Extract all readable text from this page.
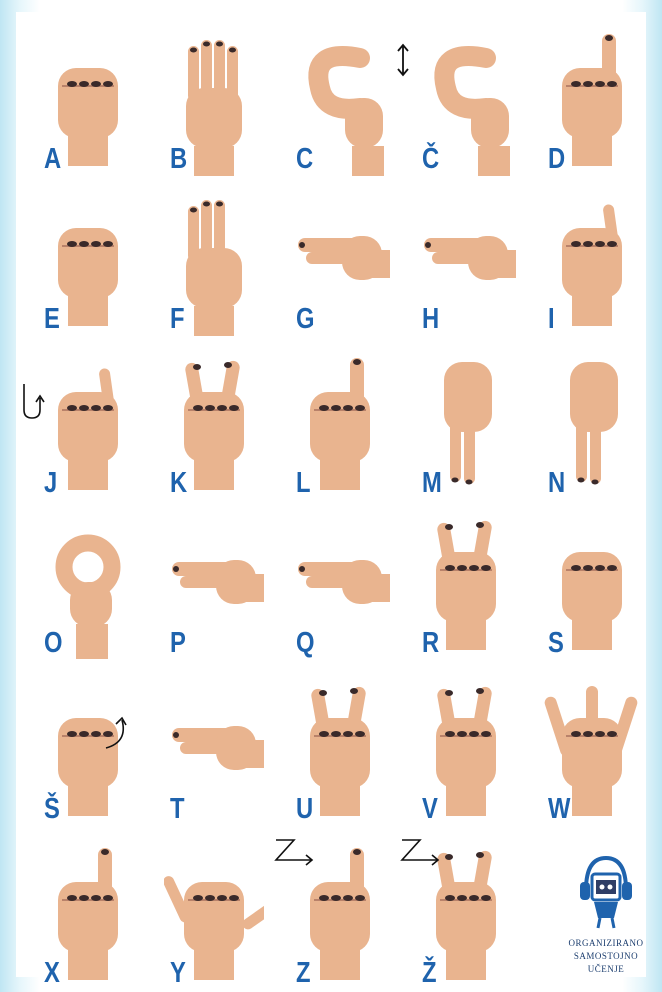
A	B	C	Č	D
E	F	G	H	I
J	K	L	M	N
O	P	Q	R	S
Š	T	U	V	W
X	Y	Z	Ž
ORGANIZIRANO
SAMOSTOJNO
UČENJE
